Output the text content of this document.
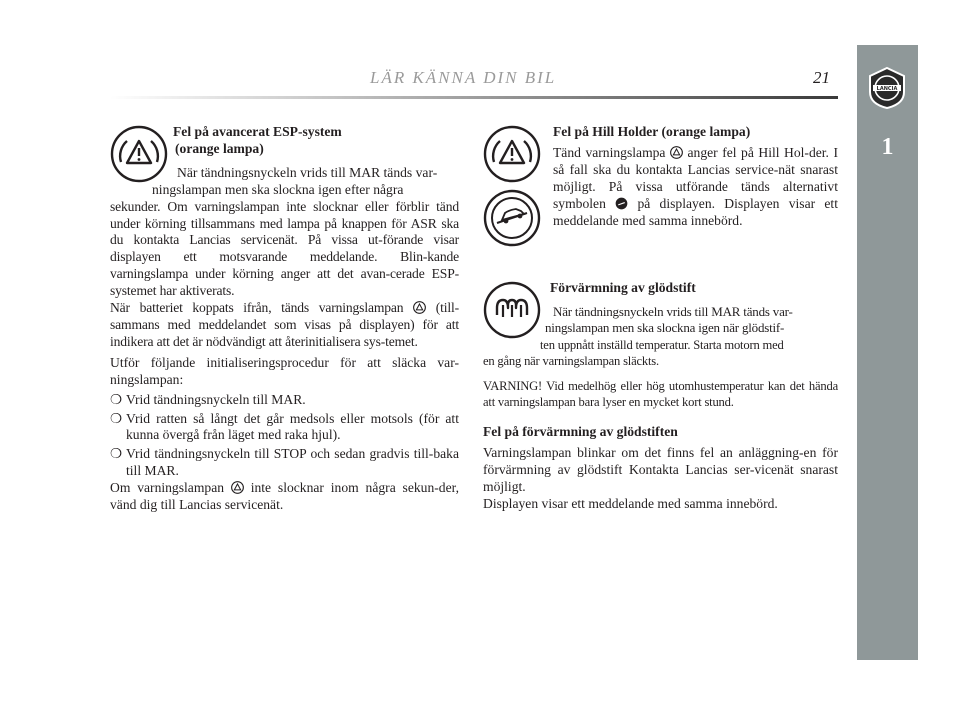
LÄR KÄNNA DIN BIL	21
LANCIA
1

Fel på avancerat ESP-system

(orange lampa)

När tändningsnyckeln vrids till MAR tänds var-

ningslampan men ska slockna igen efter några

sekunder. Om varningslampan inte slocknar eller förblir tänd under körning tillsammans med lampa på knappen för ASR ska du kontakta Lancias servicenät. På vissa ut-förande visar displayen ett motsvarande meddelande. Blin-kande varningslampa under körning anger att det avan-cerade ESP-systemet har aktiverats.

När batteriet koppats ifrån, tänds varningslampan (till-sammans med meddelandet som visas på displayen) för att indikera att det är nödvändigt att återinitialisera sys-temet.

Utför följande initialiseringsprocedur för att släcka var-ningslampan:

❍ Vrid tändningsnyckeln till MAR.
❍ Vrid ratten så långt det går medsols eller motsols (för att kunna övergå från läget med raka hjul).
❍ Vrid tändningsnyckeln till STOP och sedan gradvis till-baka till MAR.

Om varningslampan inte slocknar inom några sekun-der, vänd dig till Lancias servicenät.

Fel på Hill Holder (orange lampa)

Tänd varningslampa anger fel på Hill Hol-der. I så fall ska du kontakta Lancias service-nät snarast möjligt. På vissa utförande tänds alternativt symbolen på displayen. Displayen visar ett meddelande med samma innebörd.

Förvärmning av glödstift

När tändningsnyckeln vrids till MAR tänds var-

ningslampan men ska slockna igen när glödstif-

ten uppnått inställd temperatur. Starta motorn med

en gång när varningslampan släckts.

VARNING! Vid medelhög eller hög utomhustemperatur kan det hända att varningslampan bara lyser en mycket kort stund.

Fel på förvärmning av glödstiften

Varningslampan blinkar om det finns fel an anläggning-en för förvärmning av glödstift Kontakta Lancias ser-vicenät snarast möjligt.

Displayen visar ett meddelande med samma innebörd.
